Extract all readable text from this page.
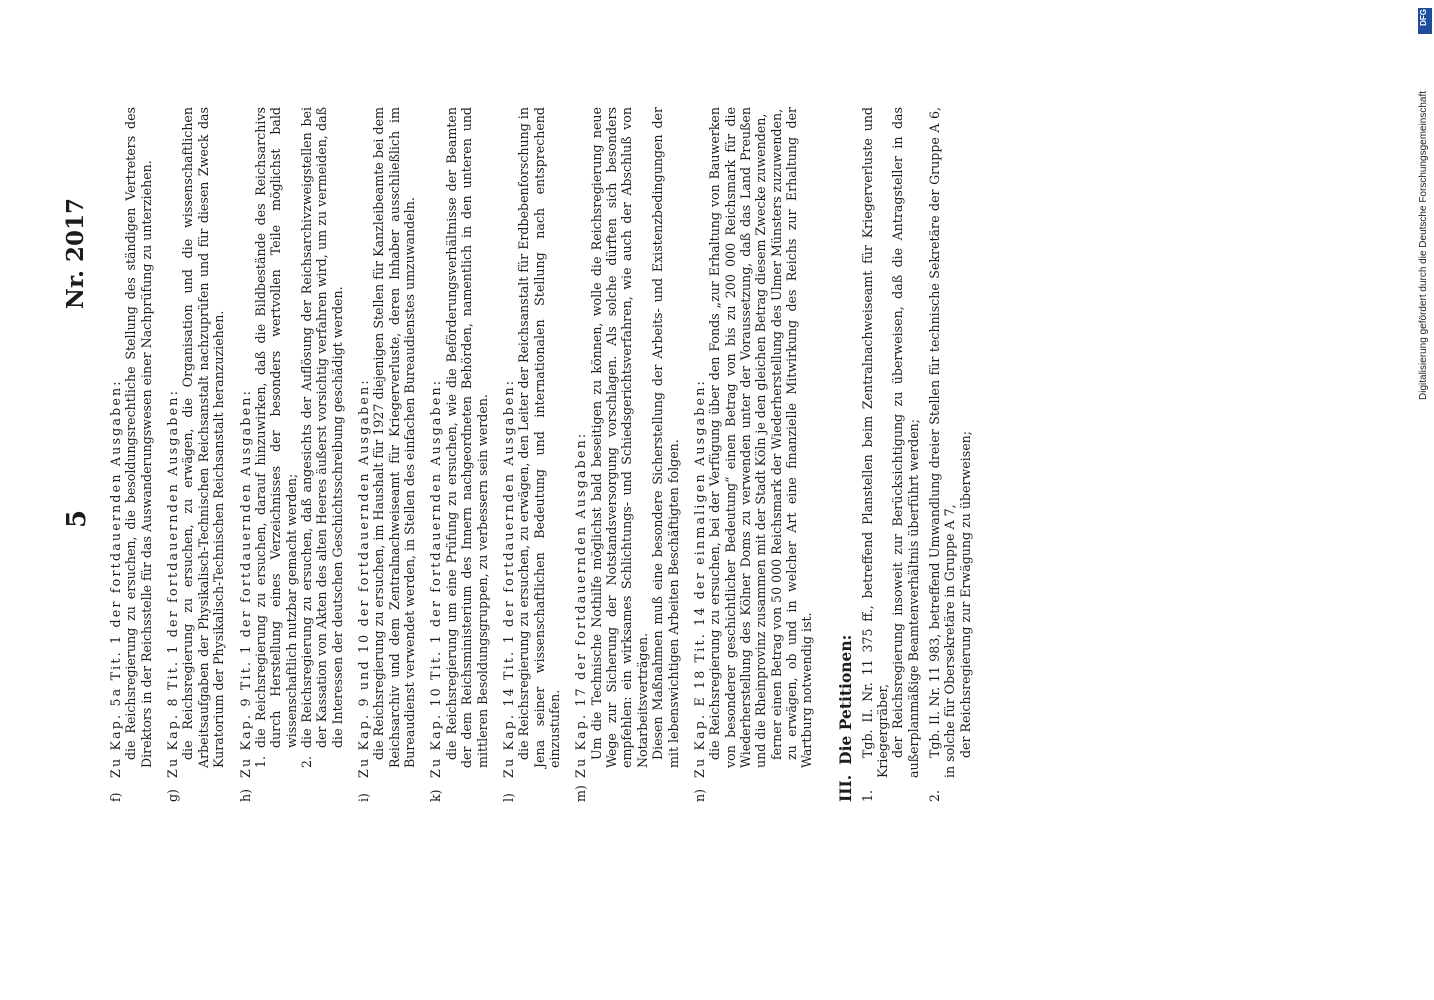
5
Nr. 2017
f)
Zu Kap. 5a Tit. 1 der fortdauernden Ausgaben: die Reichsregierung zu ersuchen, die besoldungsrechtliche Stellung des ständigen Vertreters des Direktors in der Reichsstelle für das Auswanderungswesen einer Nachprüfung zu unterziehen.
g)
Zu Kap. 8 Tit. 1 der fortdauernden Ausgaben: die Reichsregierung zu ersuchen, zu erwägen, die Organisation und die wissenschaftlichen Arbeitsaufgaben der Physikalisch-Technischen Reichsanstalt nachzuprüfen und für diesen Zweck das Kuratorium der Physikalisch-Technischen Reichsanstalt heranzuziehen.
h)
Zu Kap. 9 Tit. 1 der fortdauernden Ausgaben: 1.
die Reichsregierung zu ersuchen, darauf hinzuwirken, daß die Bildbestände des Reichsarchivs durch Herstellung eines Verzeichnisses der besonders wertvollen Teile möglichst bald wissenschaftlich nutzbar gemacht werden;
2.
die Reichsregierung zu ersuchen, daß angesichts der Auflösung der Reichsarchivzweigstellen bei der Kassation von Akten des alten Heeres äußerst vorsichtig verfahren wird, um zu vermeiden, daß die Interessen der deutschen Geschichtsschreibung geschädigt werden.
i)
Zu Kap. 9 und 10 der fortdauernden Ausgaben: die Reichsregierung zu ersuchen, im Haushalt für 1927 diejenigen Stellen für Kanzleibeamte bei dem Reichsarchiv und dem Zentralnachweiseamt für Kriegerverluste, deren Inhaber ausschließlich im Bureaudienst verwendet werden, in Stellen des einfachen Bureaudienstes umzuwandeln.
k)
Zu Kap. 10 Tit. 1 der fortdauernden Ausgaben: die Reichsregierung um eine Prüfung zu ersuchen, wie die Beförderungsverhältnisse der Beamten der dem Reichsministerium des Innern nachgeordneten Behörden, namentlich in den unteren und mittleren Besoldungsgruppen, zu verbessern sein werden.
l)
Zu Kap. 14 Tit. 1 der fortdauernden Ausgaben: die Reichsregierung zu ersuchen, zu erwägen, den Leiter der Reichsanstalt für Erdbebenforschung in Jena seiner wissenschaftlichen Bedeutung und internationalen Stellung nach entsprechend einzustufen.
m)
Zu Kap. 17 der fortdauernden Ausgaben: Um die Technische Nothilfe möglichst bald beseitigen zu können, wolle die Reichsregierung neue Wege zur Sicherung der Notstandsversorgung vorschlagen. Als solche dürften sich besonders empfehlen: ein wirksames Schlichtungs- und Schiedsgerichtsverfahren, wie auch der Abschluß von Notarbeitsverträgen. Diesen Maßnahmen muß eine besondere Sicherstellung der Arbeits- und Existenzbedingungen der mit lebenswichtigen Arbeiten Beschäftigten folgen.
n)
Zu Kap. E 18 Tit. 14 der einmaligen Ausgaben: die Reichsregierung zu ersuchen, bei der Verfügung über den Fonds „zur Erhaltung von Bauwerken von besonderer geschichtlicher Bedeutung“ einen Betrag von bis zu 200 000 Reichsmark für die Wiederherstellung des Kölner Doms zu verwenden unter der Voraussetzung, daß das Land Preußen und die Rheinprovinz zusammen mit der Stadt Köln je den gleichen Betrag diesem Zwecke zuwenden, ferner einen Betrag von 50 000 Reichsmark der Wiederherstellung des Ulmer Münsters zuzuwenden, zu erwägen, ob und in welcher Art eine finanzielle Mitwirkung des Reichs zur Erhaltung der Wartburg notwendig ist.
III.Die Petitionen:
1.
Tgb. II. Nr. 11 375 ff., betreffend Planstellen beim Zentralnachweiseamt für Kriegerverluste und Kriegergräber, der Reichsregierung insoweit zur Berücksichtigung zu überweisen, daß die Antragsteller in das außerplanmäßige Beamtenverhältnis überführt werden;
2.
Tgb. II. Nr. 11 983, betreffend Umwandlung dreier Stellen für technische Sekretäre der Gruppe A 6, in solche für Obersekretäre in Gruppe A 7, der Reichsregierung zur Erwägung zu überweisen;
Digitalisierung gefördert durch die Deutsche Forschungsgemeinschaft
DFG
